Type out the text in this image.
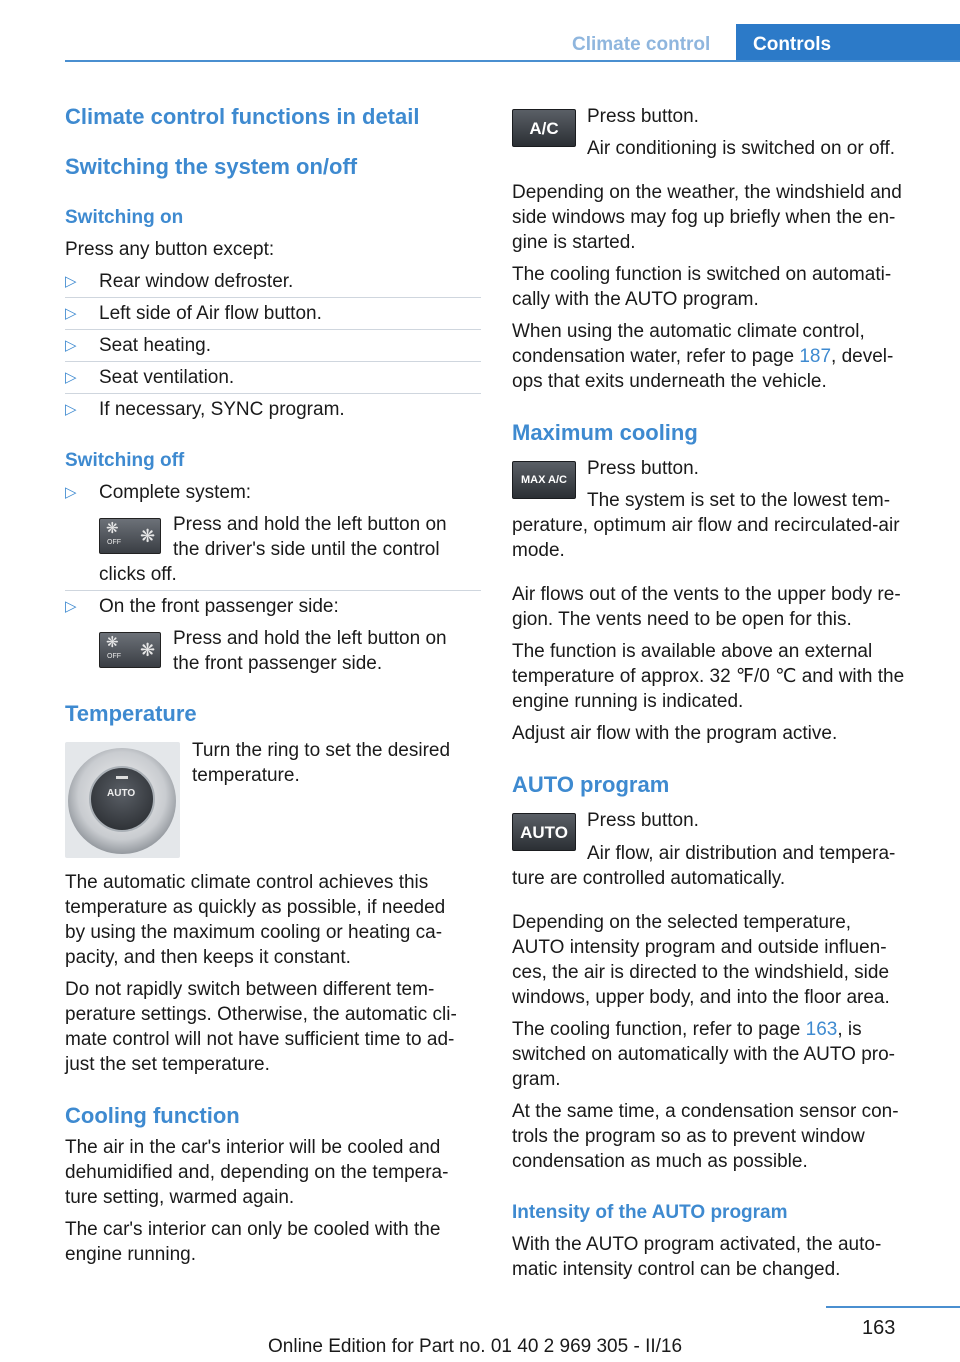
Climate control	Controls
Climate control functions in detail
Switching the system on/off
Switching on
Press any button except:
▷ Rear window defroster.
▷ Left side of Air flow button.
▷ Seat heating.
▷ Seat ventilation.
▷ If necessary, SYNC program.
Switching off
▷ Complete system:
❋
OFF ❋
Press and hold the left button on
the driver's side until the control
clicks off.
▷ On the front passenger side:
❋
OFF ❋
Press and hold the left button on
the front passenger side.
Temperature
AUTO
Turn the ring to set the desired
temperature.
The automatic climate control achieves this
temperature as quickly as possible, if needed
by using the maximum cooling or heating ca-
pacity, and then keeps it constant.
Do not rapidly switch between different tem-
perature settings. Otherwise, the automatic cli-
mate control will not have sufficient time to ad-
just the set temperature.
Cooling function
The air in the car's interior will be cooled and
dehumidified and, depending on the tempera-
ture setting, warmed again.
The car's interior can only be cooled with the
engine running.
A/C
Press button.
Air conditioning is switched on or off.
Depending on the weather, the windshield and
side windows may fog up briefly when the en-
gine is started.
The cooling function is switched on automati-
cally with the AUTO program.
When using the automatic climate control,
condensation water, refer to page 187, devel-
ops that exits underneath the vehicle.
Maximum cooling
MAX A/C
Press button.
The system is set to the lowest tem-
perature, optimum air flow and recirculated-air
mode.
Air flows out of the vents to the upper body re-
gion. The vents need to be open for this.
The function is available above an external
temperature of approx. 32 ℉/0 ℃ and with the
engine running is indicated.
Adjust air flow with the program active.
AUTO program
AUTO
Press button.
Air flow, air distribution and tempera-
ture are controlled automatically.
Depending on the selected temperature,
AUTO intensity program and outside influen-
ces, the air is directed to the windshield, side
windows, upper body, and into the floor area.
The cooling function, refer to page 163, is
switched on automatically with the AUTO pro-
gram.
At the same time, a condensation sensor con-
trols the program so as to prevent window
condensation as much as possible.
Intensity of the AUTO program
With the AUTO program activated, the auto-
matic intensity control can be changed.
163
Online Edition for Part no. 01 40 2 969 305 - II/16
